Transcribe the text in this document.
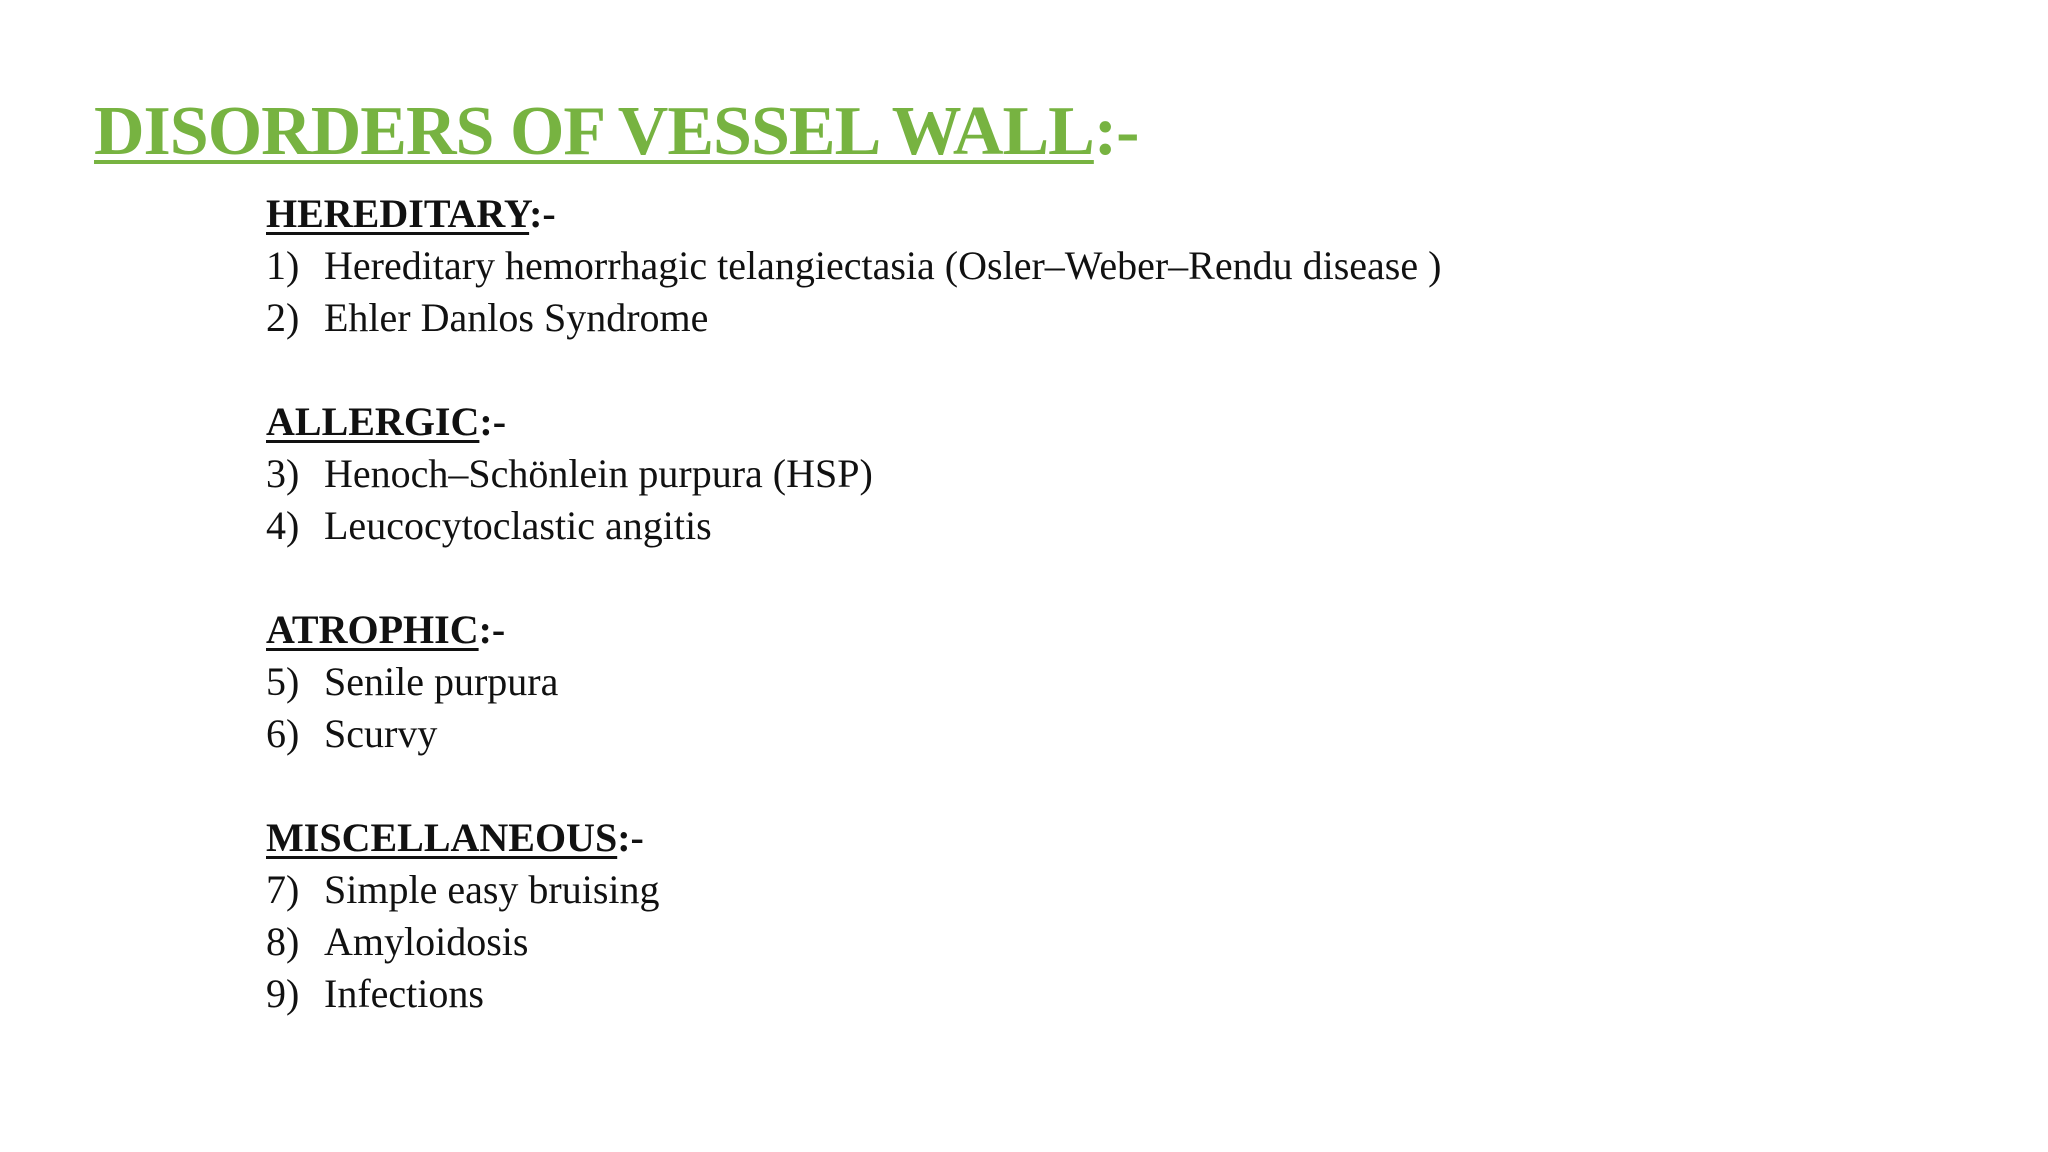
DISORDERS OF VESSEL WALL:-
HEREDITARY:-
1) Hereditary hemorrhagic telangiectasia (Osler–Weber–Rendu disease )
2) Ehler Danlos Syndrome
ALLERGIC:-
3) Henoch–Schönlein purpura (HSP)
4) Leucocytoclastic angitis
ATROPHIC:-
5) Senile purpura
6) Scurvy
MISCELLANEOUS:-
7) Simple easy bruising
8) Amyloidosis
9) Infections
